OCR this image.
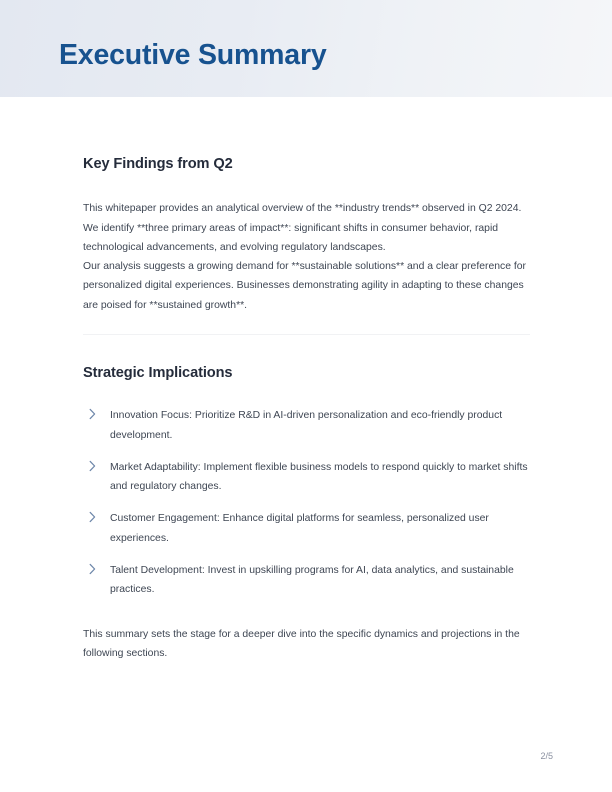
Executive Summary
Key Findings from Q2

This whitepaper provides an analytical overview of the **industry trends** observed in Q2 2024. We identify **three primary areas of impact**: significant shifts in consumer behavior, rapid technological advancements, and evolving regulatory landscapes.

Our analysis suggests a growing demand for **sustainable solutions** and a clear preference for personalized digital experiences. Businesses demonstrating agility in adapting to these changes are poised for **sustained growth**.

Strategic Implications
Innovation Focus: Prioritize R&D in AI-driven personalization and eco-friendly product development.
Market Adaptability: Implement flexible business models to respond quickly to market shifts and regulatory changes.
Customer Engagement: Enhance digital platforms for seamless, personalized user experiences.
Talent Development: Invest in upskilling programs for AI, data analytics, and sustainable practices.

This summary sets the stage for a deeper dive into the specific dynamics and projections in the following sections.

2/5
